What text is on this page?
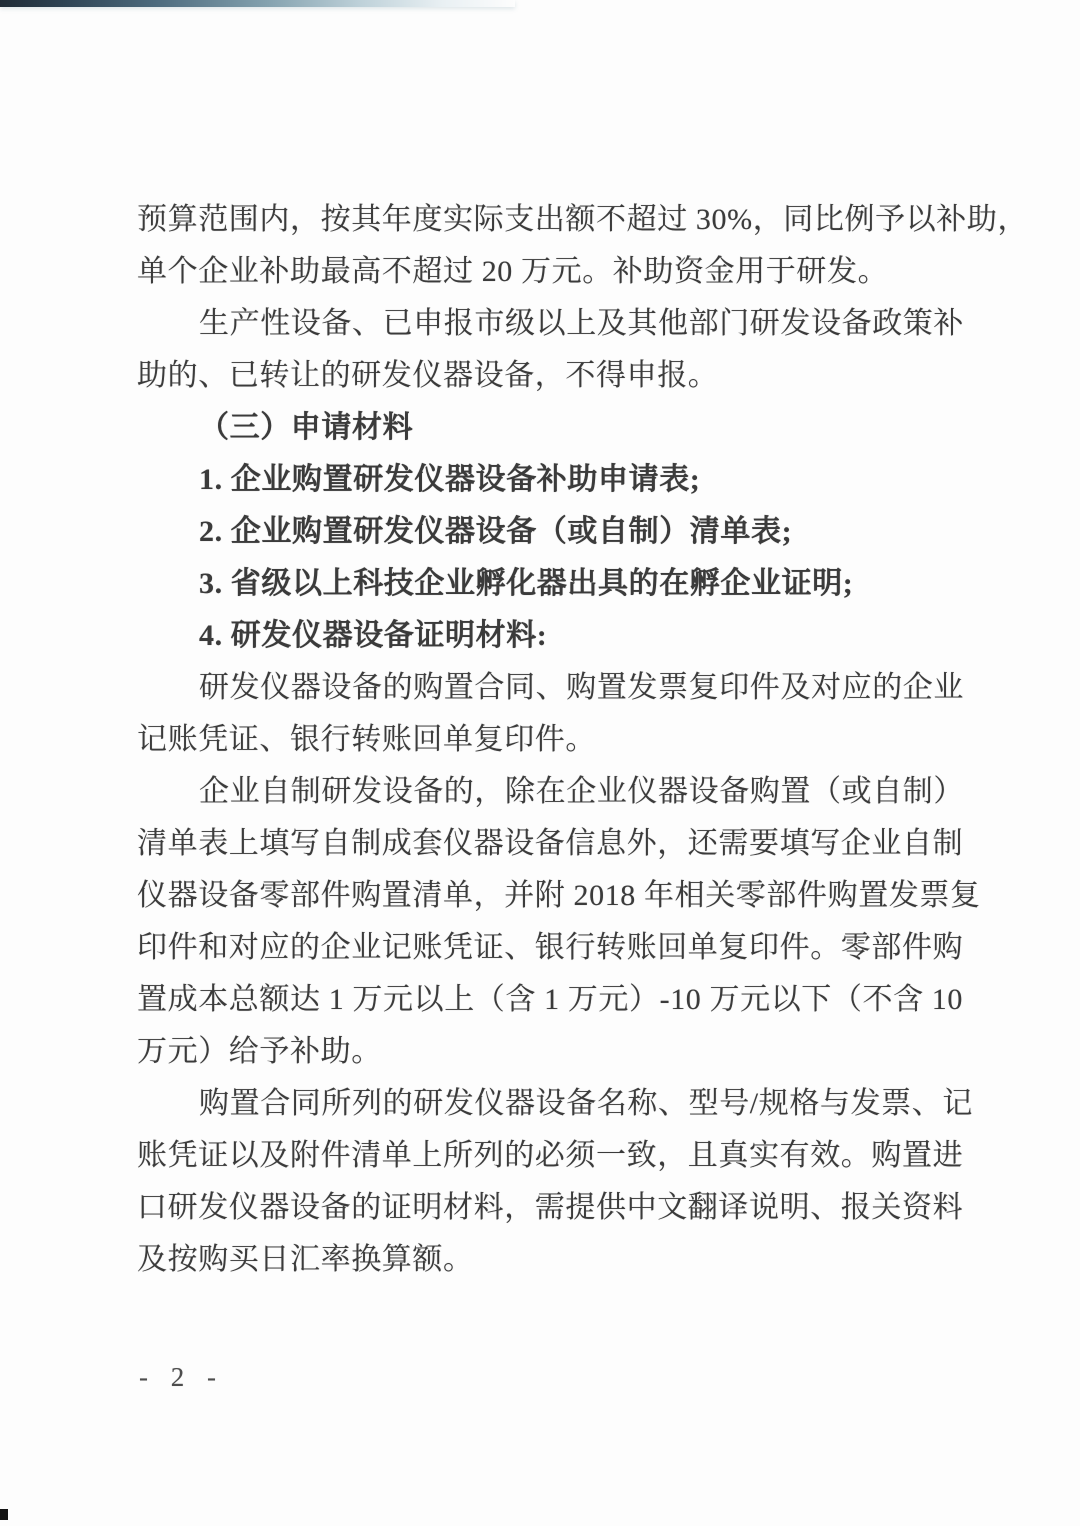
预算范围内，按其年度实际支出额不超过 30%，同比例予以补助，
单个企业补助最高不超过 20 万元。补助资金用于研发。
生产性设备、已申报市级以上及其他部门研发设备政策补
助的、已转让的研发仪器设备，不得申报。
（三）申请材料
1. 企业购置研发仪器设备补助申请表;
2. 企业购置研发仪器设备（或自制）清单表;
3. 省级以上科技企业孵化器出具的在孵企业证明;
4. 研发仪器设备证明材料:
研发仪器设备的购置合同、购置发票复印件及对应的企业
记账凭证、银行转账回单复印件。
企业自制研发设备的，除在企业仪器设备购置（或自制）
清单表上填写自制成套仪器设备信息外，还需要填写企业自制
仪器设备零部件购置清单，并附 2018 年相关零部件购置发票复
印件和对应的企业记账凭证、银行转账回单复印件。零部件购
置成本总额达 1 万元以上（含 1 万元）-10 万元以下（不含 10
万元）给予补助。
购置合同所列的研发仪器设备名称、型号/规格与发票、记
账凭证以及附件清单上所列的必须一致，且真实有效。购置进
口研发仪器设备的证明材料，需提供中文翻译说明、报关资料
及按购买日汇率换算额。
- 2 -
